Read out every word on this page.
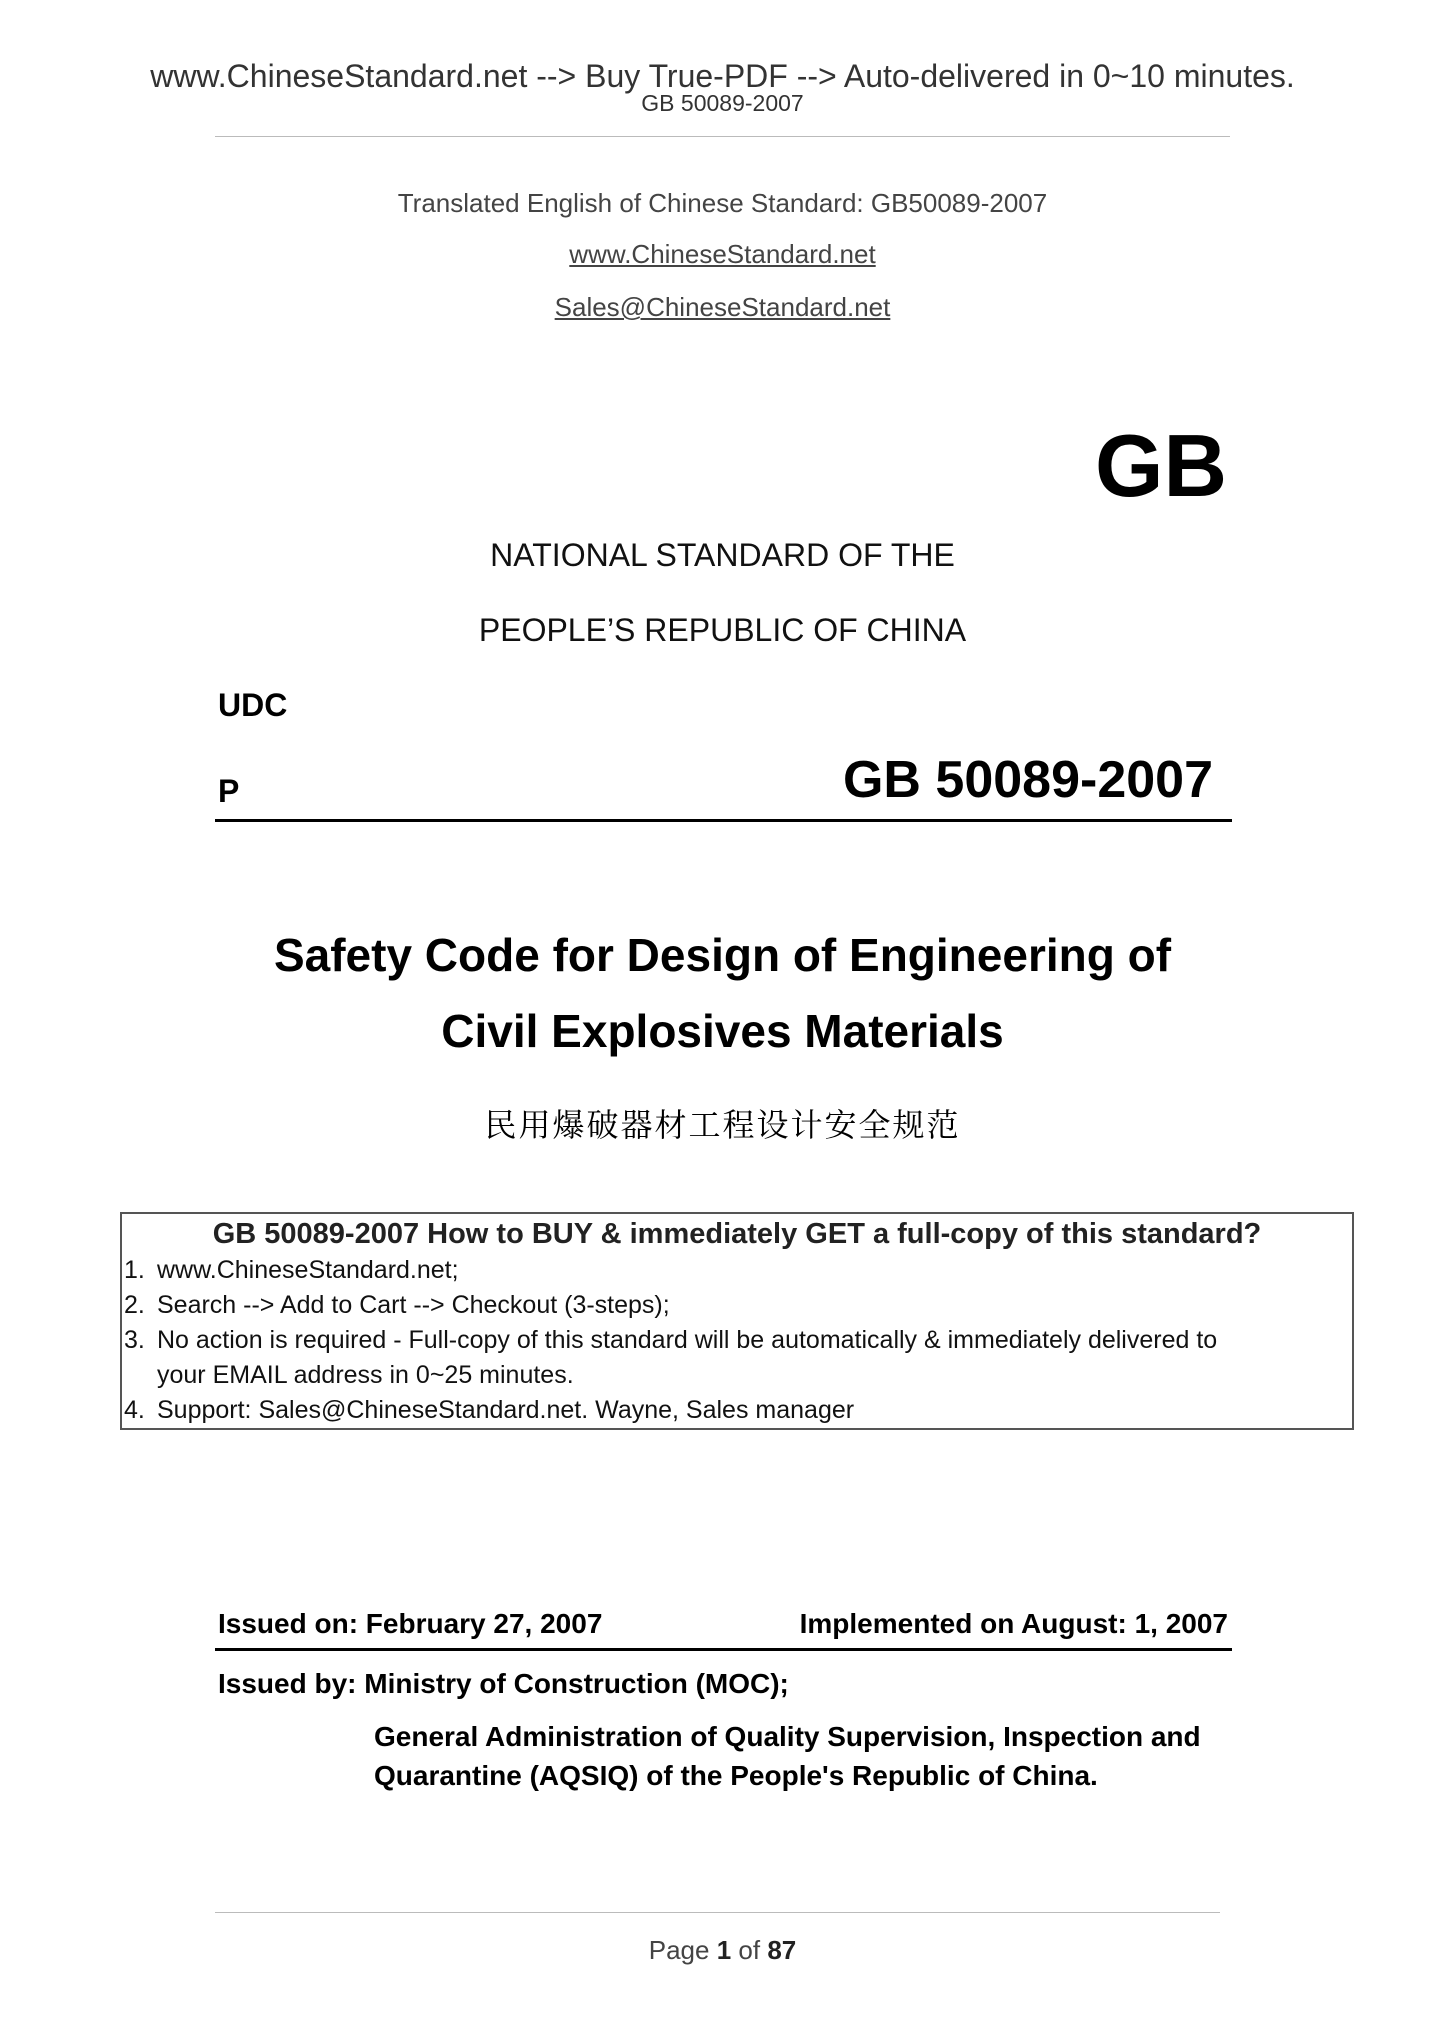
www.ChineseStandard.net --> Buy True-PDF --> Auto-delivered in 0~10 minutes.
GB 50089-2007
Translated English of Chinese Standard: GB50089-2007
www.ChineseStandard.net
Sales@ChineseStandard.net
GB
NATIONAL STANDARD OF THE
PEOPLE’S REPUBLIC OF CHINA
UDC
P	GB 50089-2007
Safety Code for Design of Engineering of
Civil Explosives Materials
民用爆破器材工程设计安全规范
GB 50089-2007 How to BUY & immediately GET a full-copy of this standard?
1. www.ChineseStandard.net;
2. Search --> Add to Cart --> Checkout (3-steps);
3. No action is required - Full-copy of this standard will be automatically & immediately delivered to
your EMAIL address in 0~25 minutes.
4. Support: Sales@ChineseStandard.net. Wayne, Sales manager
Issued on: February 27, 2007	Implemented on August: 1, 2007
Issued by: Ministry of Construction (MOC);
General Administration of Quality Supervision, Inspection and
Quarantine (AQSIQ) of the People's Republic of China.
Page 1 of 87
